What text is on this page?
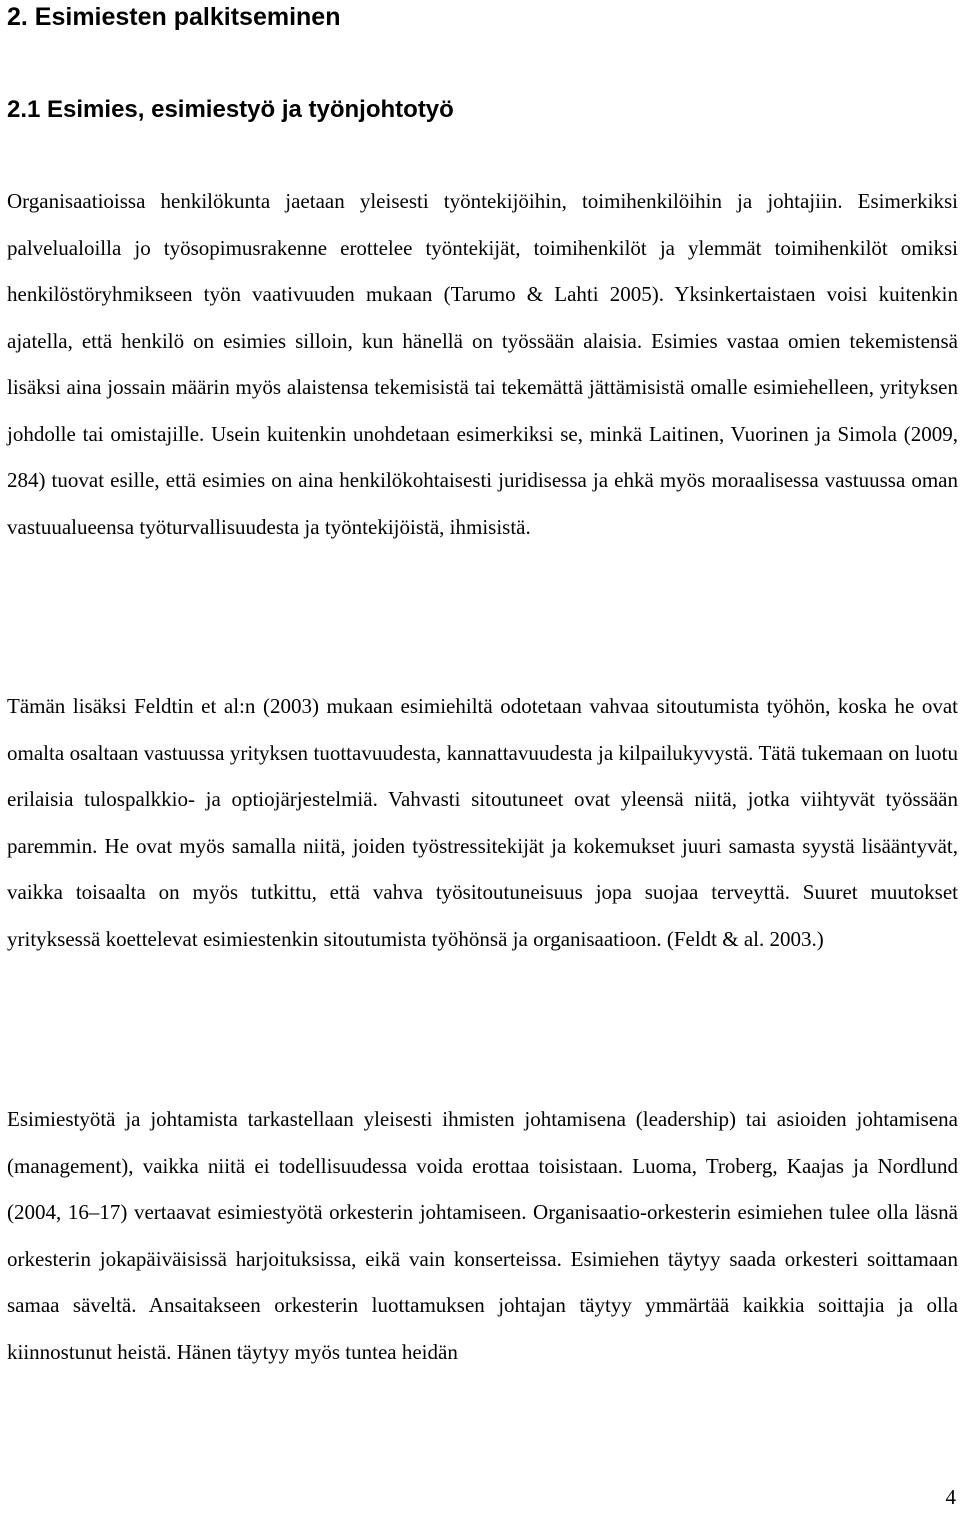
2. Esimiesten palkitseminen
2.1 Esimies, esimiestyö ja työnjohtotyö

Organisaatioissa henkilökunta jaetaan yleisesti työntekijöihin, toimihenkilöihin ja johtajiin. Esimerkiksi palvelualoilla jo työsopimusrakenne erottelee työntekijät, toimihenkilöt ja ylemmät toimihenkilöt omiksi henkilöstöryhmikseen työn vaativuuden mukaan (Tarumo & Lahti 2005). Yksinkertaistaen voisi kuitenkin ajatella, että henkilö on esimies silloin, kun hänellä on työssään alaisia. Esimies vastaa omien tekemistensä lisäksi aina jossain määrin myös alaistensa tekemisistä tai tekemättä jättämisistä omalle esimiehelleen, yrityksen johdolle tai omistajille. Usein kuitenkin unohdetaan esimerkiksi se, minkä Laitinen, Vuorinen ja Simola (2009, 284) tuovat esille, että esimies on aina henkilökohtaisesti juridisessa ja ehkä myös moraalisessa vastuussa oman vastuualueensa työturvallisuudesta ja työntekijöistä, ihmisistä.

Tämän lisäksi Feldtin et al:n (2003) mukaan esimiehiltä odotetaan vahvaa sitoutumista työhön, koska he ovat omalta osaltaan vastuussa yrityksen tuottavuudesta, kannattavuudesta ja kilpailukyvystä. Tätä tukemaan on luotu erilaisia tulospalkkio- ja optiojärjestelmiä. Vahvasti sitoutuneet ovat yleensä niitä, jotka viihtyvät työssään paremmin. He ovat myös samalla niitä, joiden työstressitekijät ja kokemukset juuri samasta syystä lisääntyvät, vaikka toisaalta on myös tutkittu, että vahva työsitoutuneisuus jopa suojaa terveyttä. Suuret muutokset yrityksessä koettelevat esimiestenkin sitoutumista työhönsä ja organisaatioon. (Feldt & al. 2003.)

Esimiestyötä ja johtamista tarkastellaan yleisesti ihmisten johtamisena (leadership) tai asioiden johtamisena (management), vaikka niitä ei todellisuudessa voida erottaa toisistaan. Luoma, Troberg, Kaajas ja Nordlund (2004, 16–17) vertaavat esimiestyötä orkesterin johtamiseen. Organisaatio-orkesterin esimiehen tulee olla läsnä orkesterin jokapäiväisissä harjoituksissa, eikä vain konserteissa. Esimiehen täytyy saada orkesteri soittamaan samaa säveltä. Ansaitakseen orkesterin luottamuksen johtajan täytyy ymmärtää kaikkia soittajia ja olla kiinnostunut heistä. Hänen täytyy myös tuntea heidän

4
